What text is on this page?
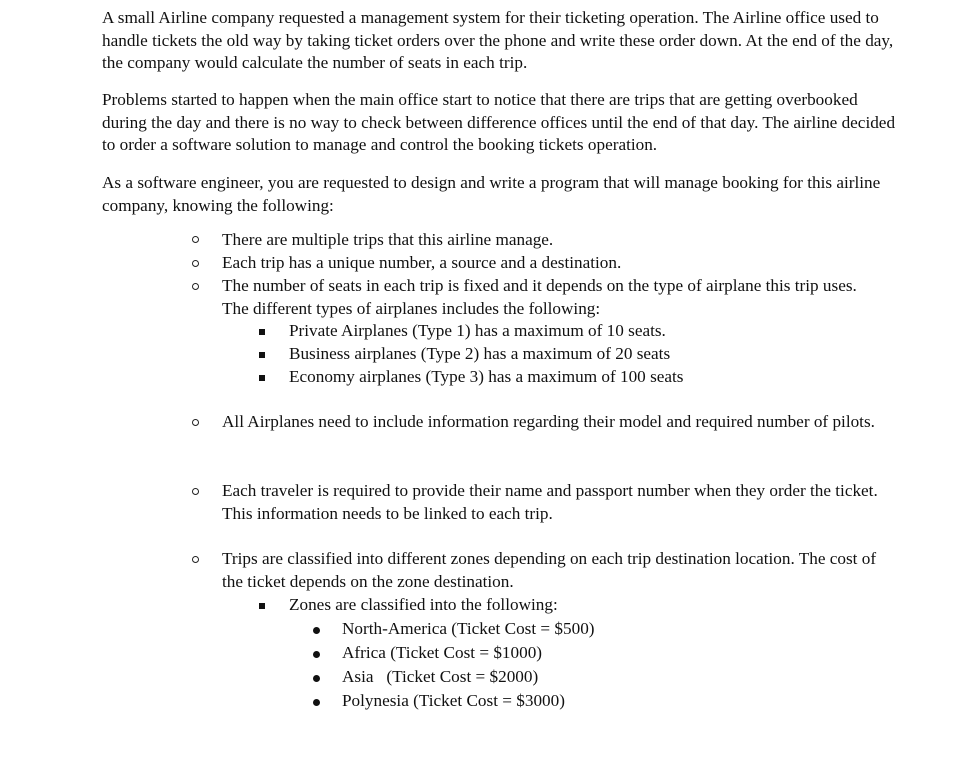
A small Airline company requested a management system for their ticketing operation. The Airline office used to handle tickets the old way by taking ticket orders over the phone and write these order down. At the end of the day, the company would calculate the number of seats in each trip.

Problems started to happen when the main office start to notice that there are trips that are getting overbooked during the day and there is no way to check between difference offices until the end of that day. The airline decided to order a software solution to manage and control the booking tickets operation.

As a software engineer, you are requested to design and write a program that will manage booking for this airline company, knowing the following:

There are multiple trips that this airline manage.

Each trip has a unique number, a source and a destination.

The number of seats in each trip is fixed and it depends on the type of airplane this trip uses. The different types of airplanes includes the following:

Private Airplanes (Type 1) has a maximum of 10 seats.

Business airplanes (Type 2) has a maximum of 20 seats

Economy airplanes (Type 3) has a maximum of 100 seats

All Airplanes need to include information regarding their model and required number of pilots.

Each traveler is required to provide their name and passport number when they order the ticket. This information needs to be linked to each trip.

Trips are classified into different zones depending on each trip destination location. The cost of the ticket depends on the zone destination.

Zones are classified into the following:

North-America (Ticket Cost = $500)

Africa (Ticket Cost = $1000)

Asia   (Ticket Cost = $2000)

Polynesia (Ticket Cost = $3000)
